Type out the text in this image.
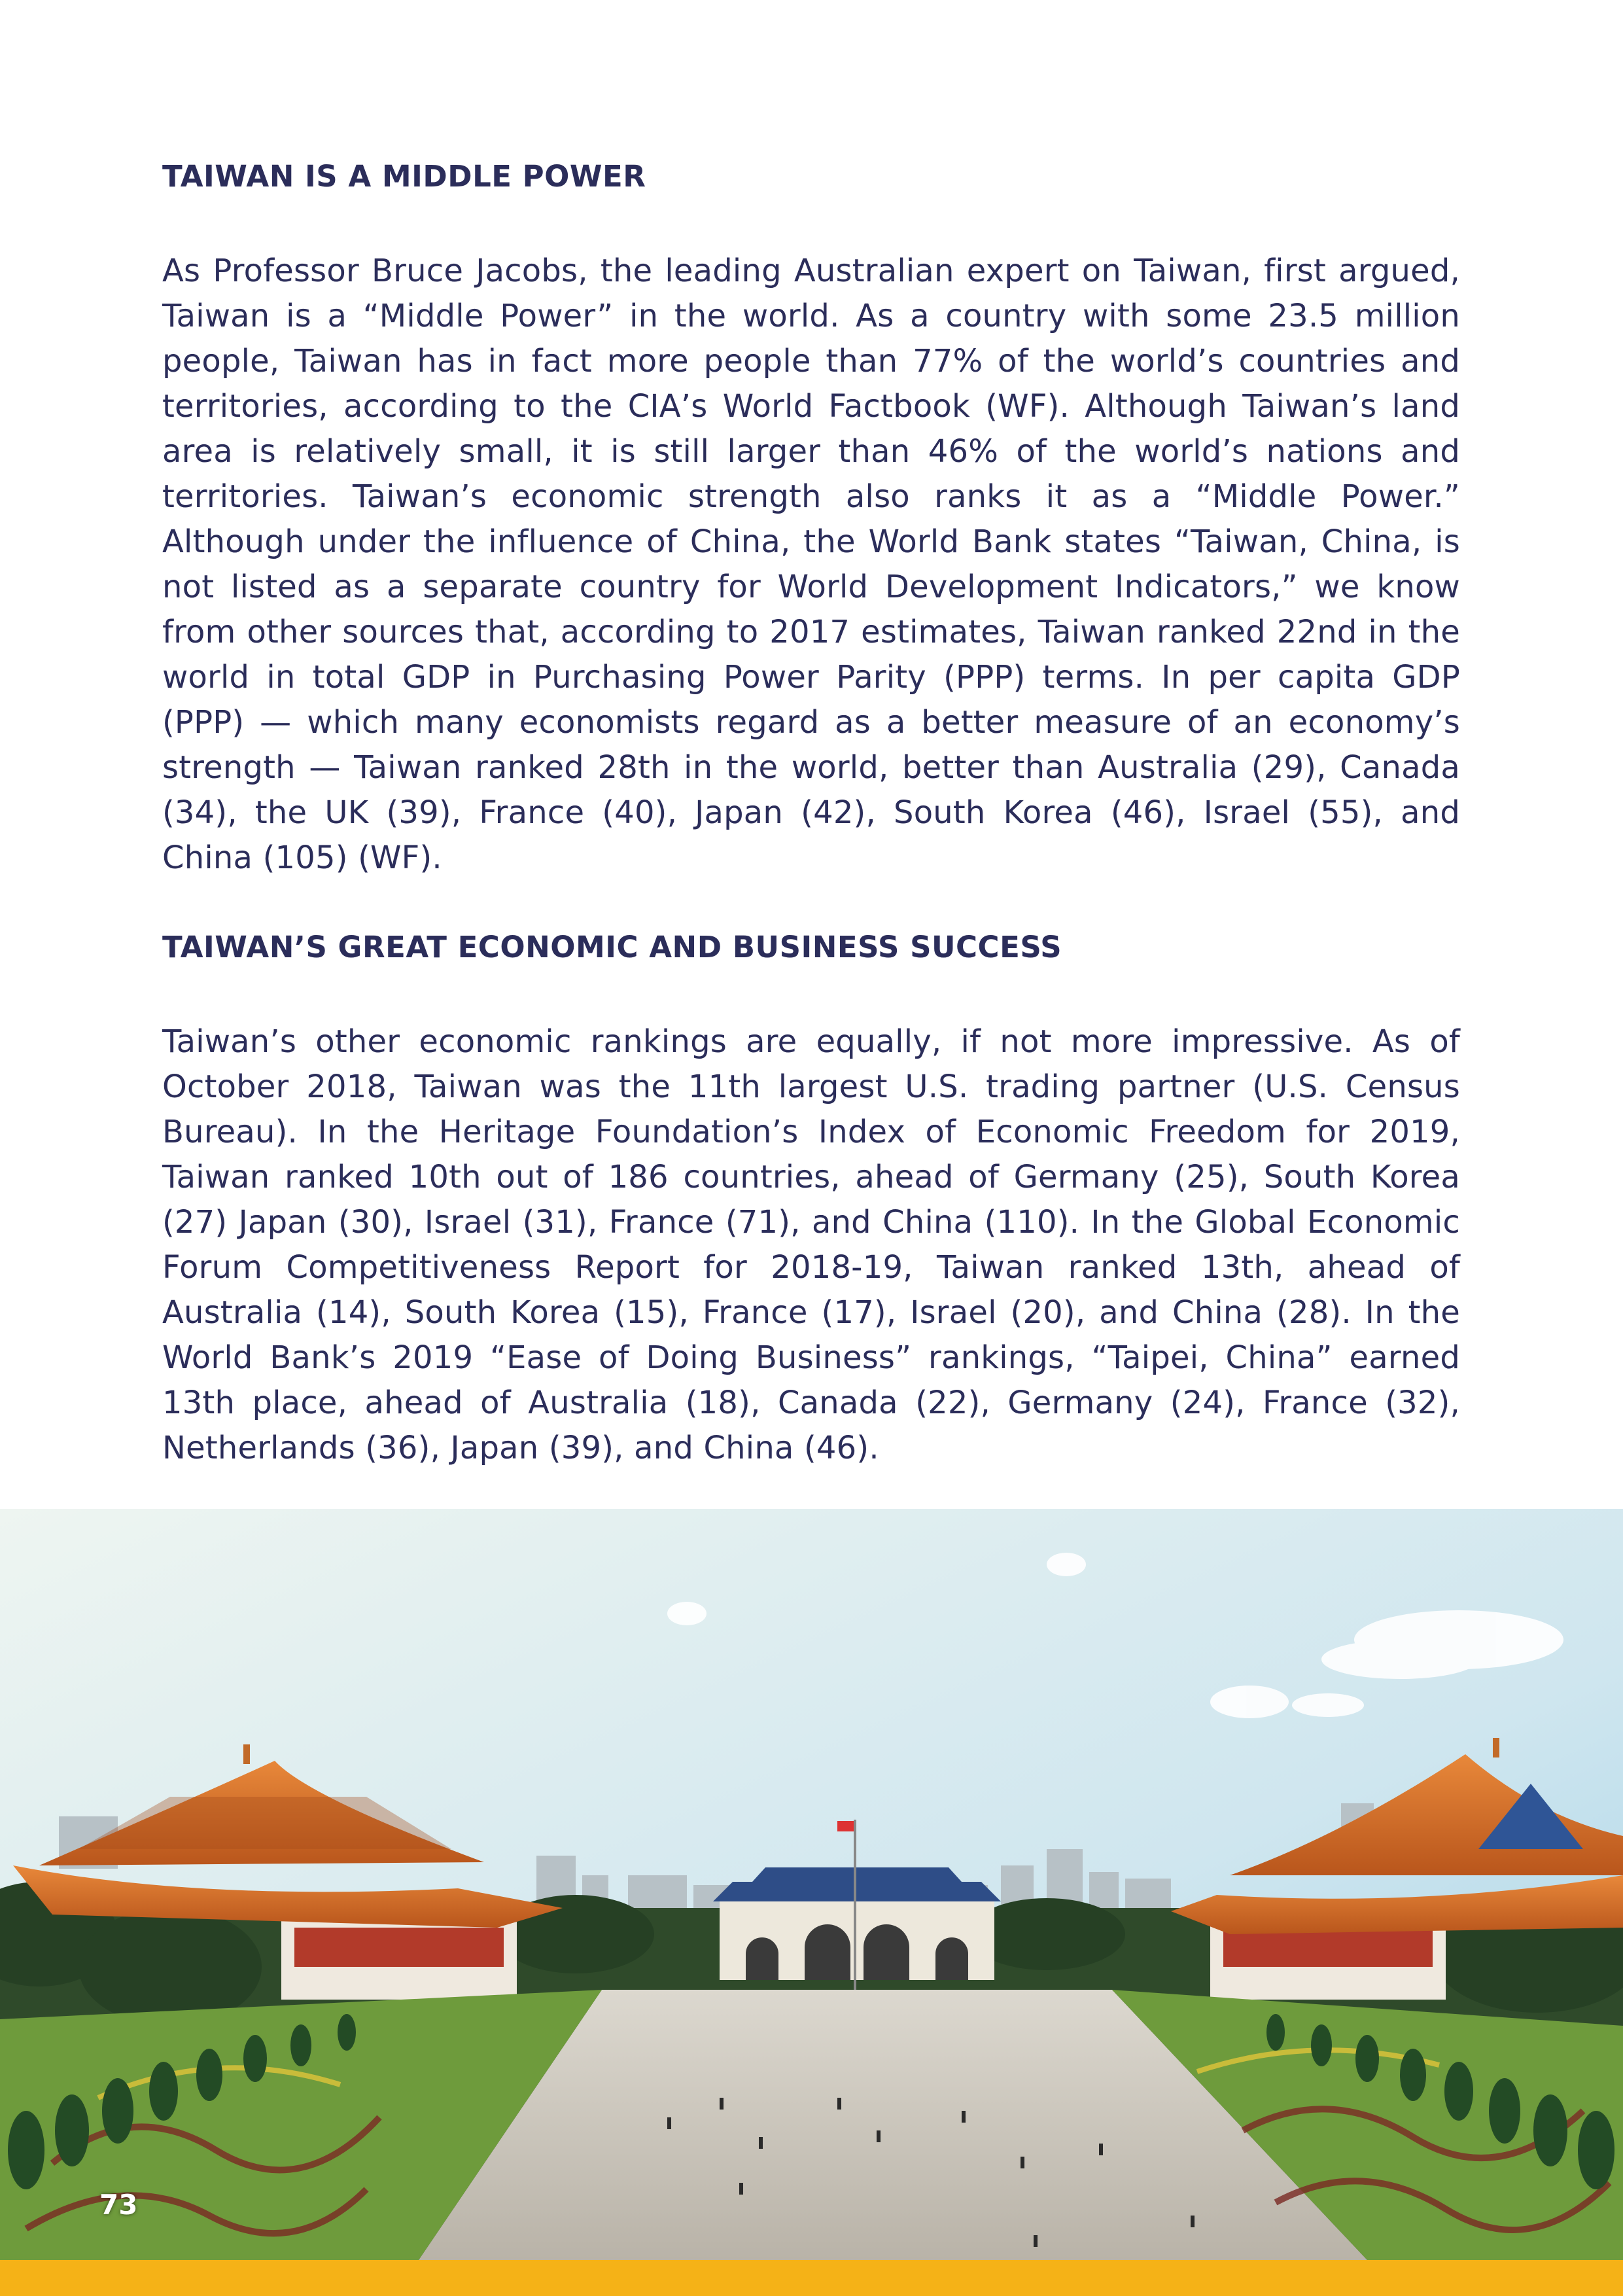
TAIWAN IS A MIDDLE POWER

As Professor Bruce Jacobs, the leading Australian expert on Taiwan, first argued, Taiwan is a “Middle Power” in the world. As a country with some 23.5 million people, Taiwan has in fact more people than 77% of the world’s countries and territories, according to the CIA’s World Factbook (WF). Although Taiwan’s land area is relatively small, it is still larger than 46% of the world’s nations and territories. Taiwan’s economic strength also ranks it as a “Middle Power.” Although under the influence of China, the World Bank states “Taiwan, China, is not listed as a separate country for World Development Indicators,” we know from other sources that, according to 2017 estimates, Taiwan ranked 22nd in the world in total GDP in Purchasing Power Parity (PPP) terms. In per capita GDP (PPP) — which many economists regard as a better measure of an economy’s strength — Taiwan ranked 28th in the world, better than Australia (29), Canada (34), the UK (39), France (40), Japan (42), South Korea (46), Israel (55), and China (105) (WF).

TAIWAN’S GREAT ECONOMIC AND BUSINESS SUCCESS

Taiwan’s other economic rankings are equally, if not more impressive. As of October 2018, Taiwan was the 11th largest U.S. trading partner (U.S. Census Bureau). In the Heritage Foundation’s Index of Economic Freedom for 2019, Taiwan ranked 10th out of 186 countries, ahead of Germany (25), South Korea (27) Japan (30), Israel (31), France (71), and China (110). In the Global Economic Forum Competitiveness Report for 2018-19, Taiwan ranked 13th, ahead of Australia (14), South Korea (15), France (17), Israel (20), and China (28). In the World Bank’s 2019 “Ease of Doing Business” rankings, “Taipei, China” earned 13th place, ahead of Australia (18), Canada (22), Germany (24), France (32), Netherlands (36), Japan (39), and China (46).

73
